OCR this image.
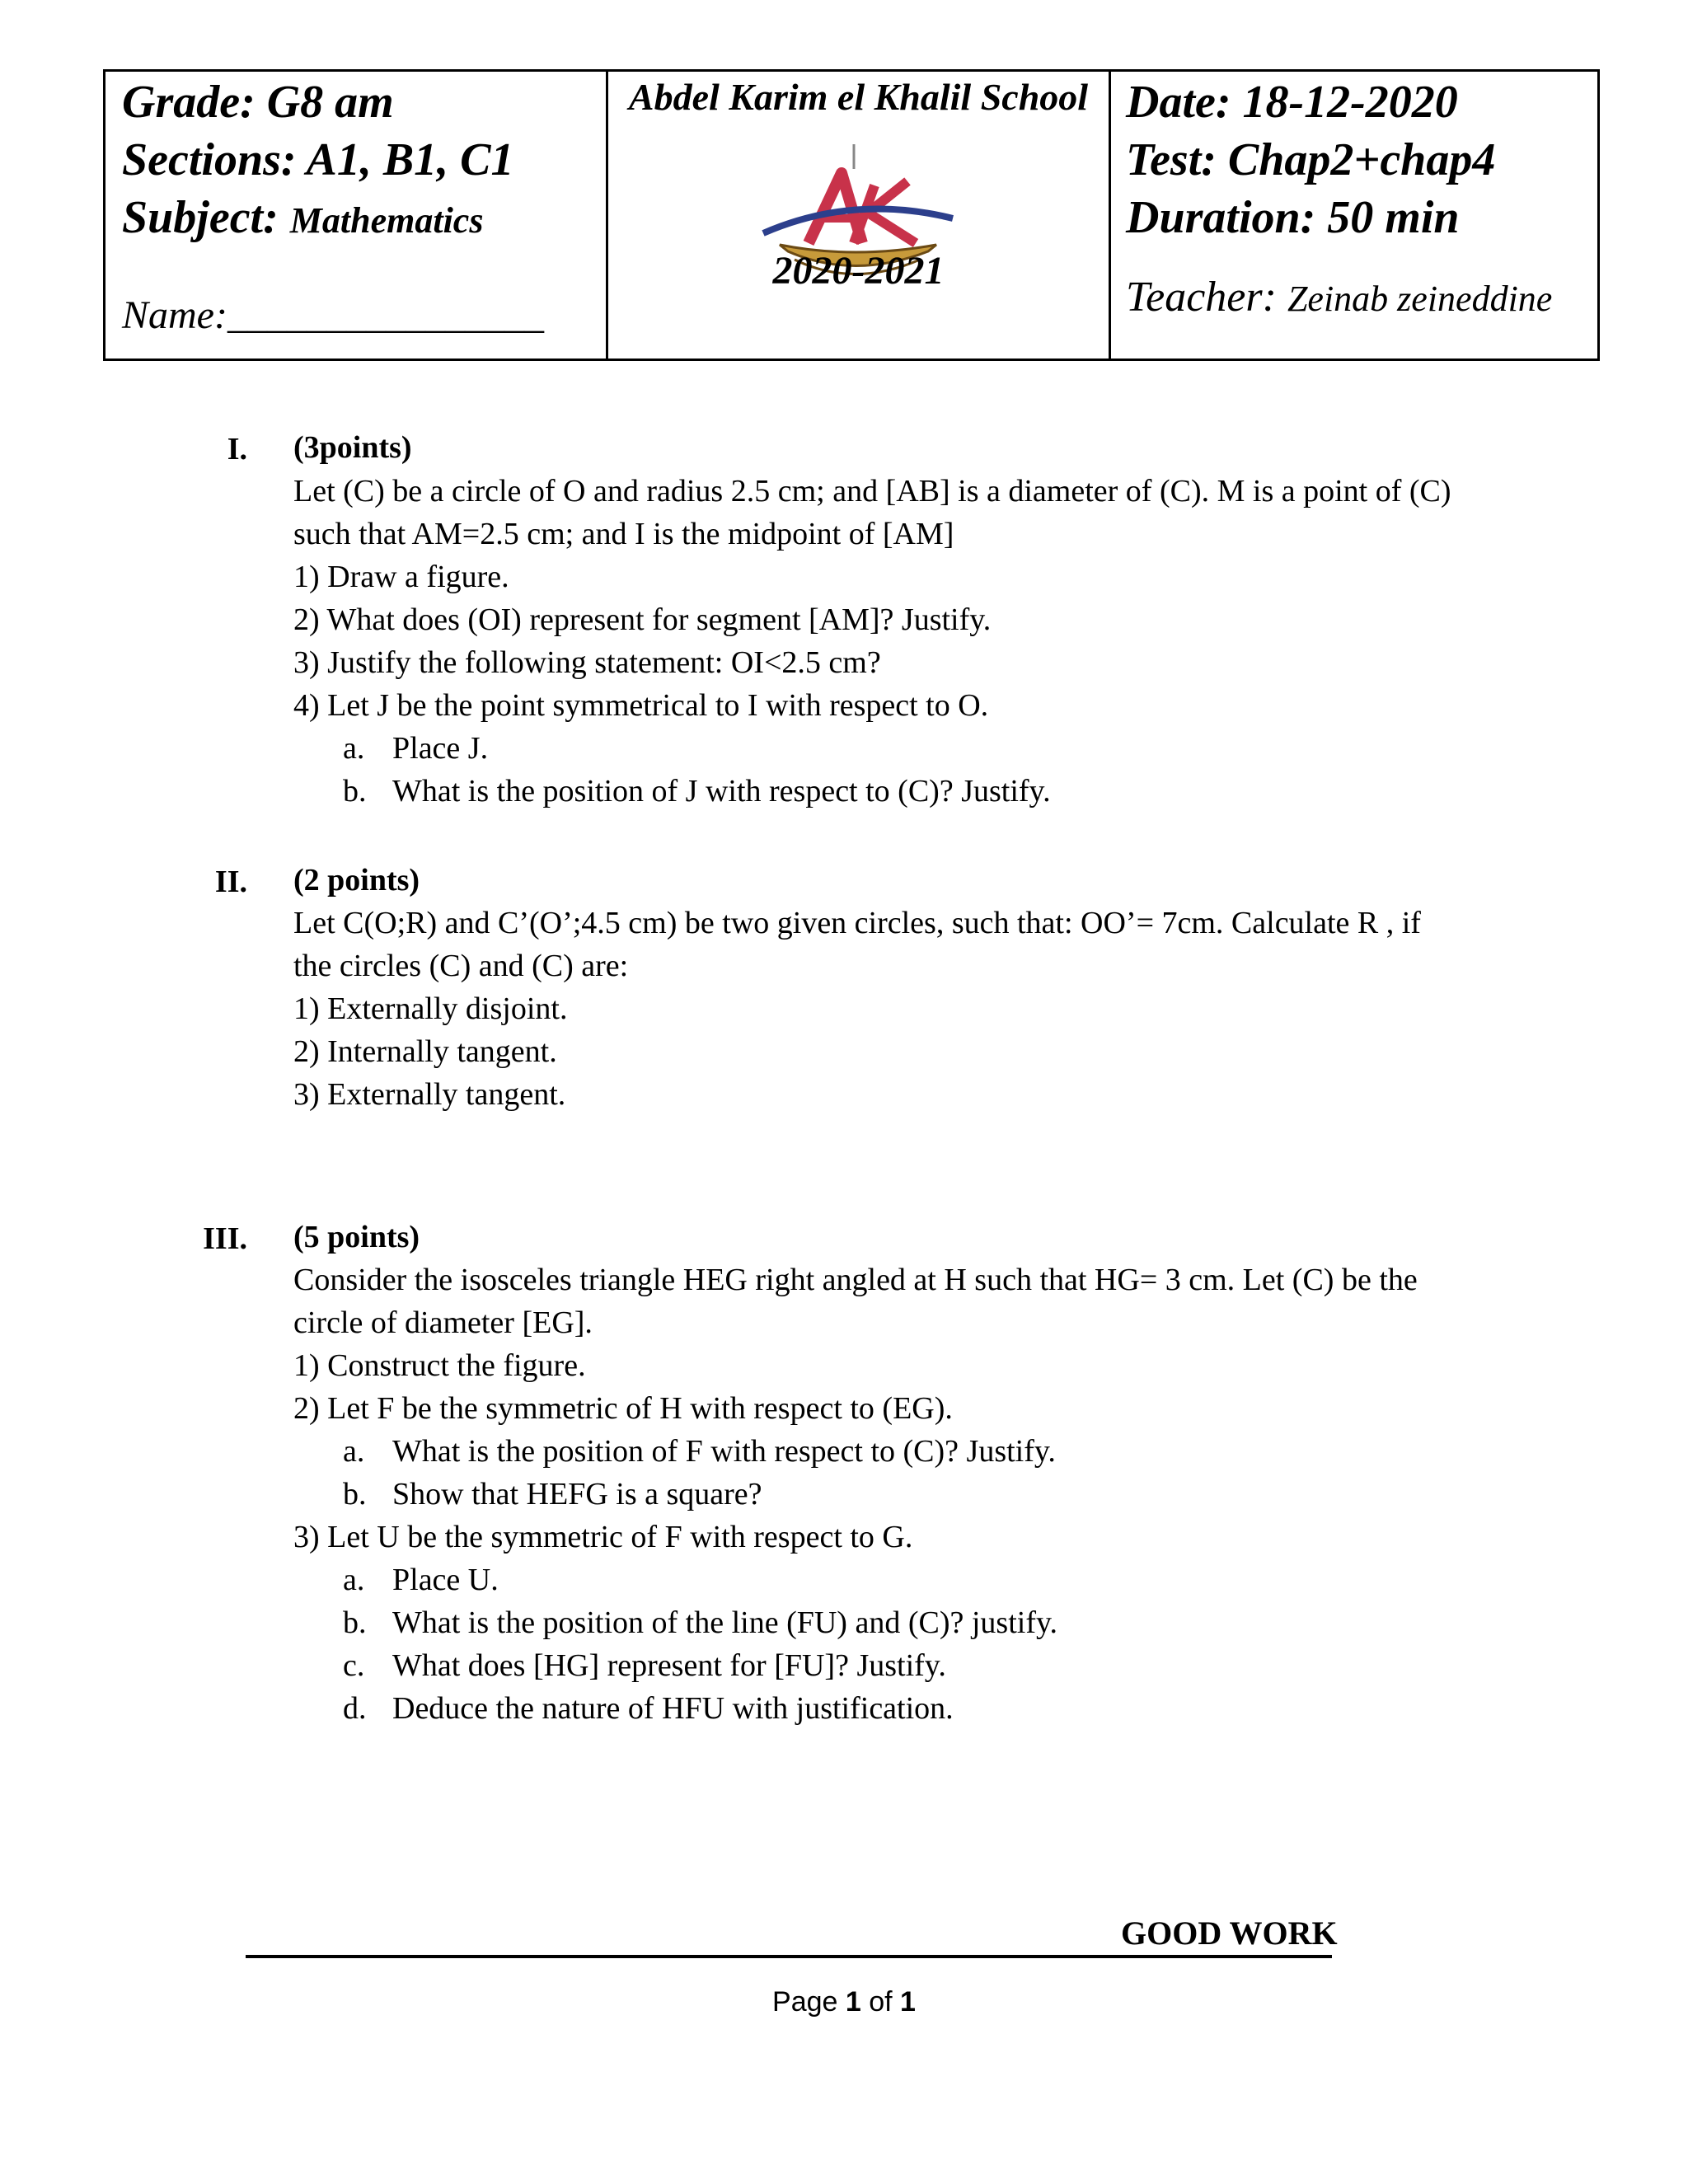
Grade: G8 am
Sections: A1, B1, C1
Subject: Mathematics
Name:________________
Abdel Karim el Khalil School
2020-2021
Date: 18-12-2020
Test: Chap2+chap4
Duration: 50 min
Teacher: Zeinab zeineddine
I. (3points)
Let (C) be a circle of O and radius 2.5 cm; and [AB] is a diameter of (C). M is a point of (C)
such that AM=2.5 cm; and I is the midpoint of [AM]
1) Draw a figure.
2) What does (OI) represent for segment [AM]? Justify.
3) Justify the following statement: OI<2.5 cm?
4) Let J be the point symmetrical to I with respect to O.
a. Place J.
b. What is the position of J with respect to (C)? Justify.
II. (2 points)
Let C(O;R) and C’(O’;4.5 cm) be two given circles, such that: OO’= 7cm. Calculate R , if
the circles (C) and (C) are:
1) Externally disjoint.
2) Internally tangent.
3) Externally tangent.
III. (5 points)
Consider the isosceles triangle HEG right angled at H such that HG= 3 cm. Let (C) be the
circle of diameter [EG].
1) Construct the figure.
2) Let F be the symmetric of H with respect to (EG).
a. What is the position of F with respect to (C)? Justify.
b. Show that HEFG is a square?
3) Let U be the symmetric of F with respect to G.
a. Place U.
b. What is the position of the line (FU) and (C)? justify.
c. What does [HG] represent for [FU]? Justify.
d. Deduce the nature of HFU with justification.
GOOD WORK
Page 1 of 1
